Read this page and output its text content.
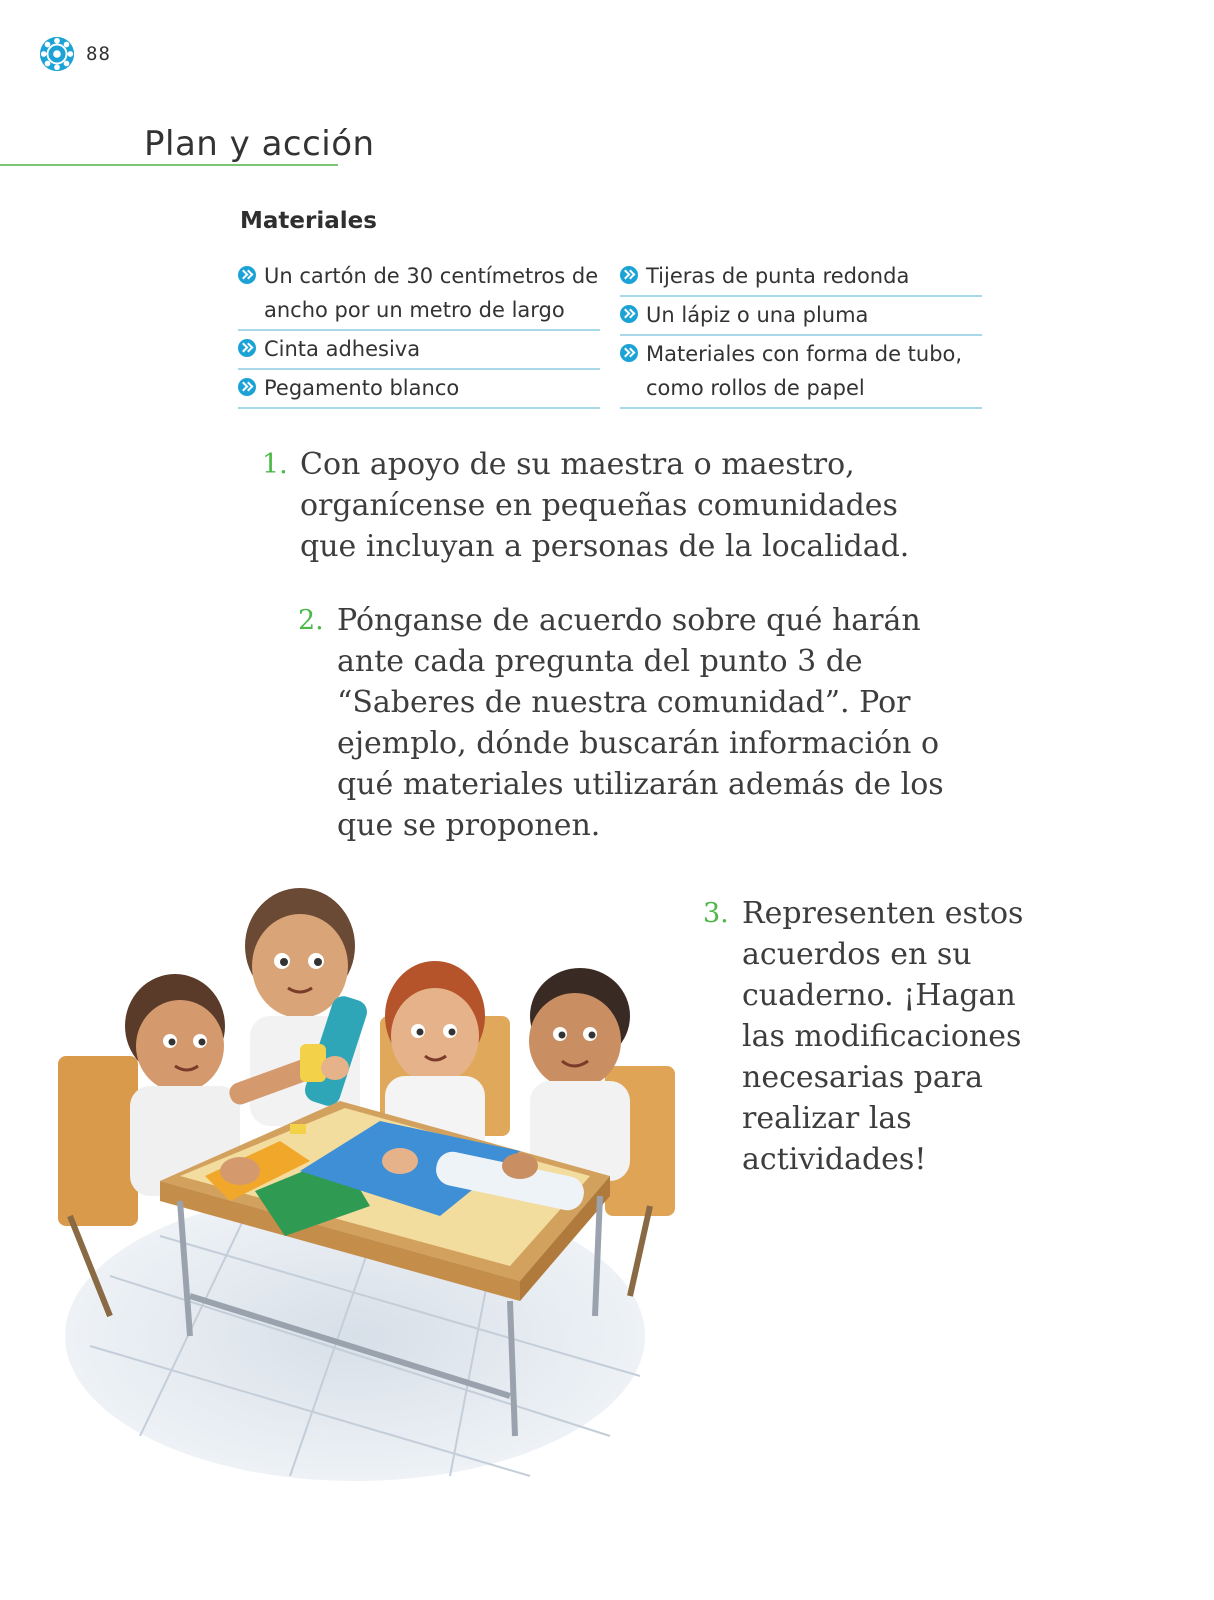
88
Plan y acción
Materiales
Un cartón de 30 centímetros de ancho por un metro de largo
Cinta adhesiva
Pegamento blanco
Tijeras de punta redonda
Un lápiz o una pluma
Materiales con forma de tubo, como rollos de papel
1. Con apoyo de su maestra o maestro, organícense en pequeñas comunidades que incluyan a personas de la localidad.
2. Pónganse de acuerdo sobre qué harán ante cada pregunta del punto 3 de “Saberes de nuestra comunidad”. Por ejemplo, dónde buscarán información o qué materiales utilizarán además de los que se proponen.
3. Representen estos acuerdos en su cuaderno. ¡Hagan las modificaciones necesarias para realizar las actividades!
